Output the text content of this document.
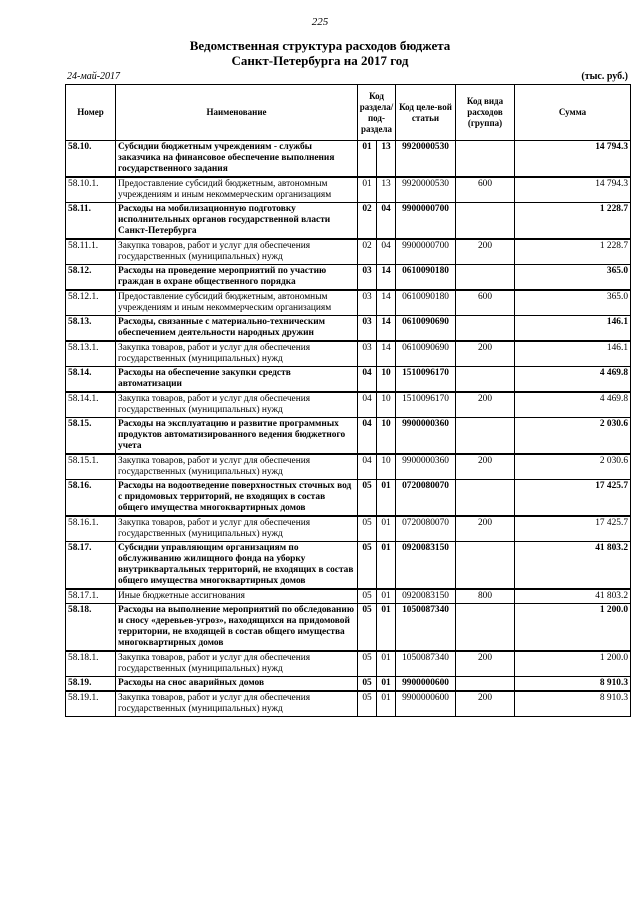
225
Ведомственная структура расходов бюджета
Санкт-Петербурга на 2017 год
24-май-2017	(тыс. руб.)
Номер	Наименование	Код раздела/ под-раздела		Код целе-вой статьи	Код вида расходов (группа)	Сумма
58.10.	Субсидии бюджетным учреждениям - службы заказчика на финансовое обеспечение выполнения государственного задания	01	13	9920000530		14 794.3
58.10.1.	Предоставление субсидий бюджетным, автономным учреждениям и иным некоммерческим организациям	01	13	9920000530	600	14 794.3
58.11.	Расходы на мобилизационную подготовку исполнительных органов государственной власти Санкт-Петербурга	02	04	9900000700		1 228.7
58.11.1.	Закупка товаров, работ и услуг для обеспечения государственных (муниципальных) нужд	02	04	9900000700	200	1 228.7
58.12.	Расходы на проведение мероприятий по участию граждан в охране общественного порядка	03	14	0610090180		365.0
58.12.1.	Предоставление субсидий бюджетным, автономным учреждениям и иным некоммерческим организациям	03	14	0610090180	600	365.0
58.13.	Расходы, связанные с материально-техническим обеспечением деятельности народных дружин	03	14	0610090690		146.1
58.13.1.	Закупка товаров, работ и услуг для обеспечения государственных (муниципальных) нужд	03	14	0610090690	200	146.1
58.14.	Расходы на обеспечение закупки средств автоматизации	04	10	1510096170		4 469.8
58.14.1.	Закупка товаров, работ и услуг для обеспечения государственных (муниципальных) нужд	04	10	1510096170	200	4 469.8
58.15.	Расходы на эксплуатацию и развитие программных продуктов автоматизированного ведения бюджетного учета	04	10	9900000360		2 030.6
58.15.1.	Закупка товаров, работ и услуг для обеспечения государственных (муниципальных) нужд	04	10	9900000360	200	2 030.6
58.16.	Расходы на водоотведение поверхностных сточных вод с придомовых территорий, не входящих в состав общего имущества многоквартирных домов	05	01	0720080070		17 425.7
58.16.1.	Закупка товаров, работ и услуг для обеспечения государственных (муниципальных) нужд	05	01	0720080070	200	17 425.7
58.17.	Субсидии управляющим организациям по обслуживанию жилищного фонда на уборку внутриквартальных территорий, не входящих в состав общего имущества многоквартирных домов	05	01	0920083150		41 803.2
58.17.1.	Иные бюджетные ассигнования	05	01	0920083150	800	41 803.2
58.18.	Расходы на выполнение мероприятий по обследованию и сносу «деревьев-угроз», находящихся на придомовой территории, не входящей в состав общего имущества многоквартирных домов	05	01	1050087340		1 200.0
58.18.1.	Закупка товаров, работ и услуг для обеспечения государственных (муниципальных) нужд	05	01	1050087340	200	1 200.0
58.19.	Расходы на снос аварийных домов	05	01	9900000600		8 910.3
58.19.1.	Закупка товаров, работ и услуг для обеспечения государственных (муниципальных) нужд	05	01	9900000600	200	8 910.3
